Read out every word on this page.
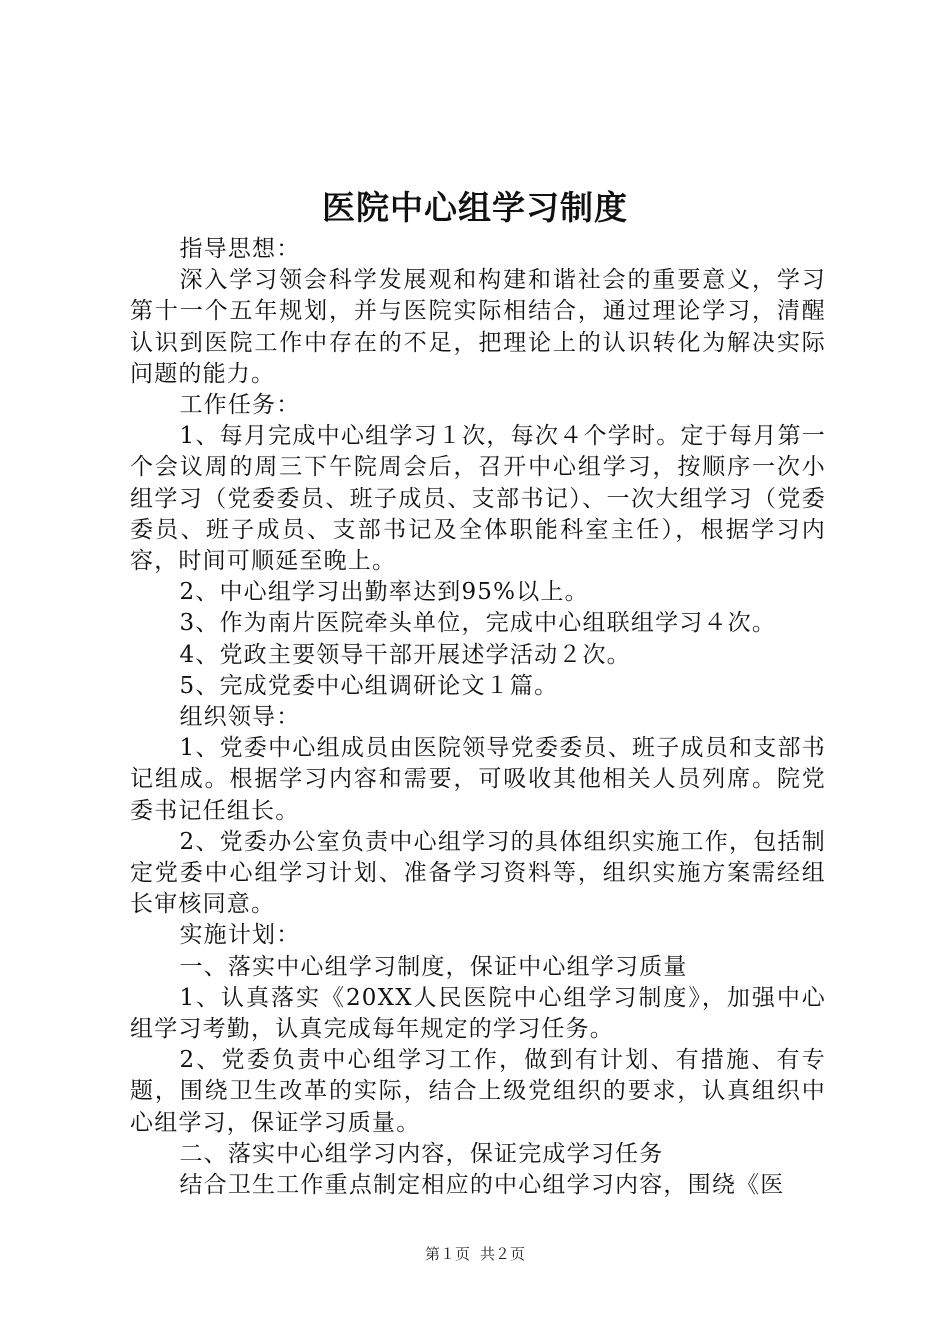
医院中心组学习制度

指导思想：

深入学习领会科学发展观和构建和谐社会的重要意义，学习第十一个五年规划，并与医院实际相结合，通过理论学习，清醒认识到医院工作中存在的不足，把理论上的认识转化为解决实际问题的能力。

工作任务：

1、每月完成中心组学习１次，每次４个学时。定于每月第一个会议周的周三下午院周会后，召开中心组学习，按顺序一次小组学习（党委委员、班子成员、支部书记）、一次大组学习（党委委员、班子成员、支部书记及全体职能科室主任），根据学习内容，时间可顺延至晚上。

2、中心组学习出勤率达到95%以上。

3、作为南片医院牵头单位，完成中心组联组学习４次。

4、党政主要领导干部开展述学活动２次。

5、完成党委中心组调研论文１篇。

组织领导：

1、党委中心组成员由医院领导党委委员、班子成员和支部书记组成。根据学习内容和需要，可吸收其他相关人员列席。院党委书记任组长。

2、党委办公室负责中心组学习的具体组织实施工作，包括制定党委中心组学习计划、准备学习资料等，组织实施方案需经组长审核同意。

实施计划：

一、落实中心组学习制度，保证中心组学习质量

1、认真落实《20XX人民医院中心组学习制度》，加强中心组学习考勤，认真完成每年规定的学习任务。

2、党委负责中心组学习工作，做到有计划、有措施、有专题，围绕卫生改革的实际，结合上级党组织的要求，认真组织中心组学习，保证学习质量。

二、落实中心组学习内容，保证完成学习任务

结合卫生工作重点制定相应的中心组学习内容，围绕《医

第１页 共２页
